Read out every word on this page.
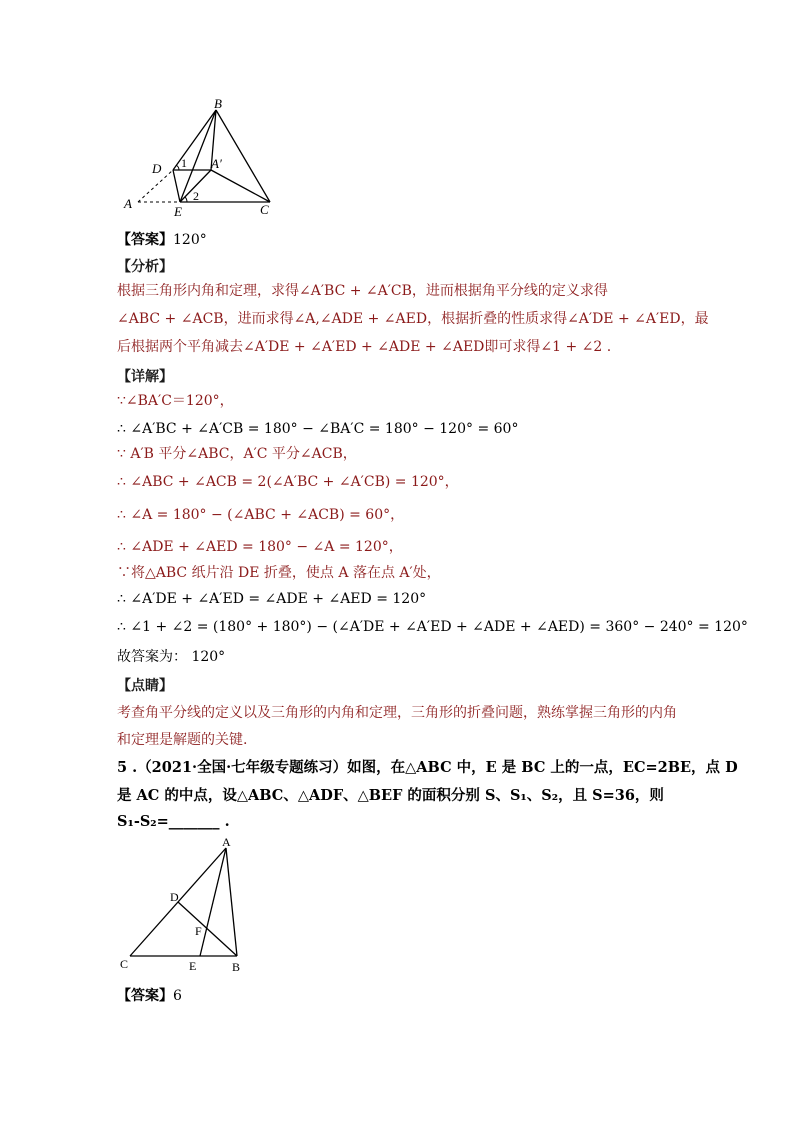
B
D 1 A′
2
A
E	C
【答案】120°
【分析】
根据三角形内角和定理，求得∠A′BC + ∠A′CB，进而根据角平分线的定义求得
∠ABC + ∠ACB，进而求得∠A,∠ADE + ∠AED，根据折叠的性质求得∠A′DE + ∠A′ED，最
后根据两个平角减去∠A′DE + ∠A′ED + ∠ADE + ∠AED即可求得∠1 + ∠2 .
【详解】
∵∠BA′C＝120°，
∴ ∠A′BC + ∠A′CB = 180° − ∠BA′C = 180° − 120° = 60°
∵ A′B 平分∠ABC，A′C 平分∠ACB，
∴ ∠ABC + ∠ACB = 2(∠A′BC + ∠A′CB) = 120°，
∴ ∠A = 180° − (∠ABC + ∠ACB) = 60°，
∴ ∠ADE + ∠AED = 180° − ∠A = 120°，
∵将△ABC 纸片沿 DE 折叠，使点 A 落在点 A′处，
∴ ∠A′DE + ∠A′ED = ∠ADE + ∠AED = 120°
∴ ∠1 + ∠2 = (180° + 180°) − (∠A′DE + ∠A′ED + ∠ADE + ∠AED) = 360° − 240° = 120°
故答案为： 120°
【点睛】
考查角平分线的定义以及三角形的内角和定理，三角形的折叠问题，熟练掌握三角形的内角
和定理是解题的关键.
5 .（2021·全国·七年级专题练习）如图，在△ABC 中，E 是 BC 上的一点，EC=2BE，点 D
是 AC 的中点，设△ABC、△ADF、△BEF 的面积分别 S、S₁、S₂，且 S=36，则
S₁-S₂=_______ .
A
D
F
C	E	B
【答案】6
